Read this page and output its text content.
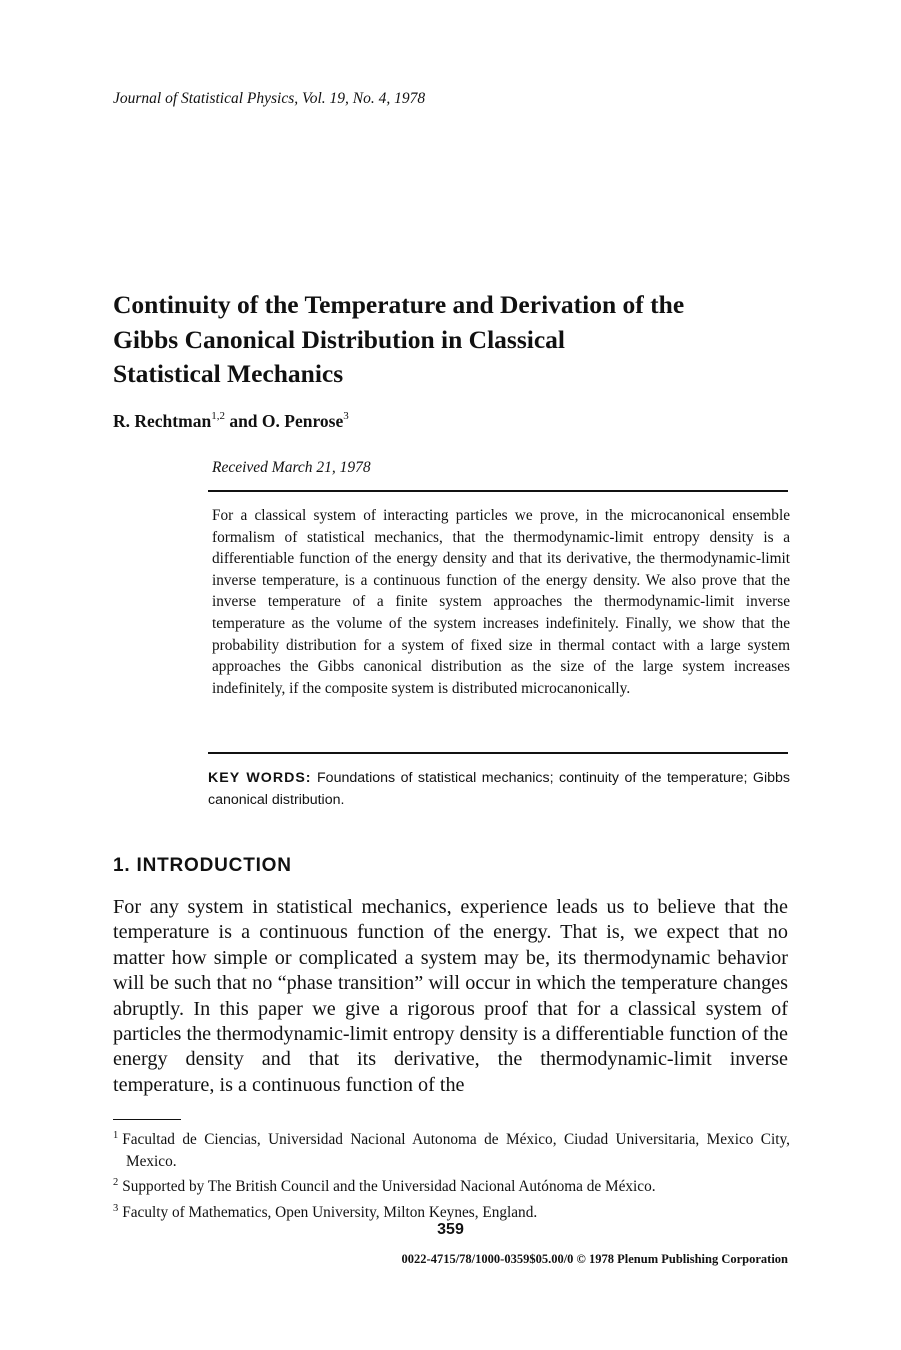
Journal of Statistical Physics, Vol. 19, No. 4, 1978
Continuity of the Temperature and Derivation of the
Gibbs Canonical Distribution in Classical
Statistical Mechanics
R. Rechtman$^{1,2}$ and O. Penrose$^3$
Received March 21, 1978

For a classical system of interacting particles we prove, in the microcanonical ensemble formalism of statistical mechanics, that the thermodynamic-limit entropy density is a differentiable function of the energy density and that its derivative, the thermodynamic-limit inverse temperature, is a continuous function of the energy density. We also prove that the inverse temperature of a finite system approaches the thermodynamic-limit inverse temperature as the volume of the system increases indefinitely. Finally, we show that the probability distribution for a system of fixed size in thermal contact with a large system approaches the Gibbs canonical distribution as the size of the large system increases indefinitely, if the composite system is distributed microcanonically.

KEY WORDS: Foundations of statistical mechanics; continuity of the temperature; Gibbs canonical distribution.

1. INTRODUCTION

For any system in statistical mechanics, experience leads us to believe that the temperature is a continuous function of the energy. That is, we expect that no matter how simple or complicated a system may be, its thermodynamic behavior will be such that no “phase transition” will occur in which the temperature changes abruptly. In this paper we give a rigorous proof that for a classical system of particles the thermodynamic-limit entropy density is a differentiable function of the energy density and that its derivative, the thermodynamic-limit inverse temperature, is a continuous function of the

$^1$ Facultad de Ciencias, Universidad Nacional Autonoma de México, Ciudad Universitaria, Mexico City, Mexico.
$^2$ Supported by The British Council and the Universidad Nacional Autónoma de México.
$^3$ Faculty of Mathematics, Open University, Milton Keynes, England.
359
0022-4715/78/1000-0359$05.00/0 © 1978 Plenum Publishing Corporation
